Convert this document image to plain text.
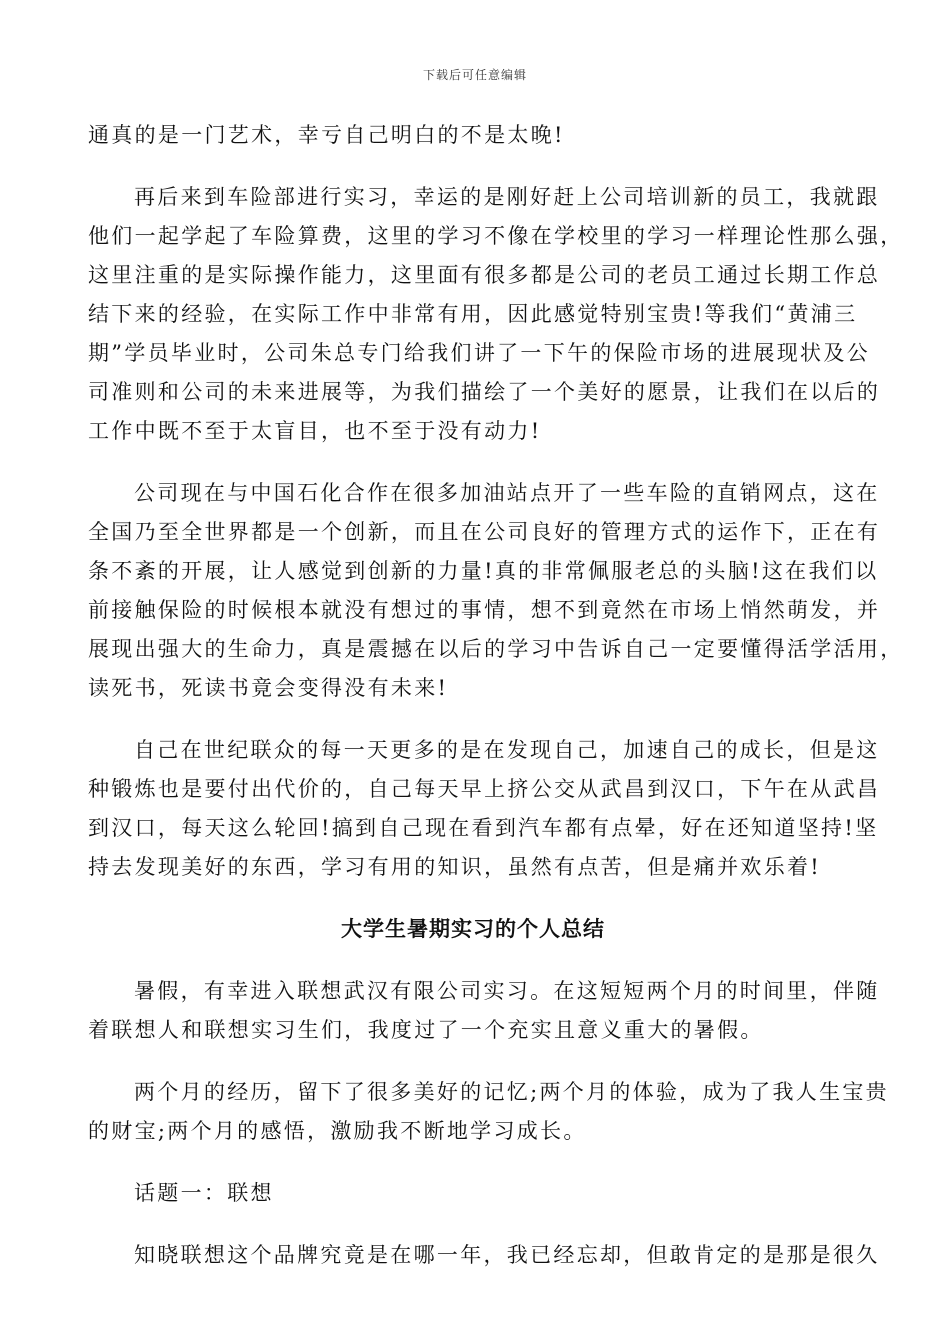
下载后可任意编辑
通真的是一门艺术，幸亏自己明白的不是太晚!
再后来到车险部进行实习，幸运的是刚好赶上公司培训新的员工，我就跟
他们一起学起了车险算费，这里的学习不像在学校里的学习一样理论性那么强，
这里注重的是实际操作能力，这里面有很多都是公司的老员工通过长期工作总
结下来的经验，在实际工作中非常有用，因此感觉特别宝贵!等我们“黄浦三
期”学员毕业时，公司朱总专门给我们讲了一下午的保险市场的进展现状及公
司准则和公司的未来进展等，为我们描绘了一个美好的愿景，让我们在以后的
工作中既不至于太盲目，也不至于没有动力!
公司现在与中国石化合作在很多加油站点开了一些车险的直销网点，这在
全国乃至全世界都是一个创新，而且在公司良好的管理方式的运作下，正在有
条不紊的开展，让人感觉到创新的力量!真的非常佩服老总的头脑!这在我们以
前接触保险的时候根本就没有想过的事情，想不到竟然在市场上悄然萌发，并
展现出强大的生命力，真是震撼在以后的学习中告诉自己一定要懂得活学活用，
读死书，死读书竟会变得没有未来!
自己在世纪联众的每一天更多的是在发现自己，加速自己的成长，但是这
种锻炼也是要付出代价的，自己每天早上挤公交从武昌到汉口，下午在从武昌
到汉口，每天这么轮回!搞到自己现在看到汽车都有点晕，好在还知道坚持!坚
持去发现美好的东西，学习有用的知识，虽然有点苦，但是痛并欢乐着!
大学生暑期实习的个人总结
暑假，有幸进入联想武汉有限公司实习。在这短短两个月的时间里，伴随
着联想人和联想实习生们，我度过了一个充实且意义重大的暑假。
两个月的经历，留下了很多美好的记忆;两个月的体验，成为了我人生宝贵
的财宝;两个月的感悟，激励我不断地学习成长。
话题一：联想
知晓联想这个品牌究竟是在哪一年，我已经忘却，但敢肯定的是那是很久
